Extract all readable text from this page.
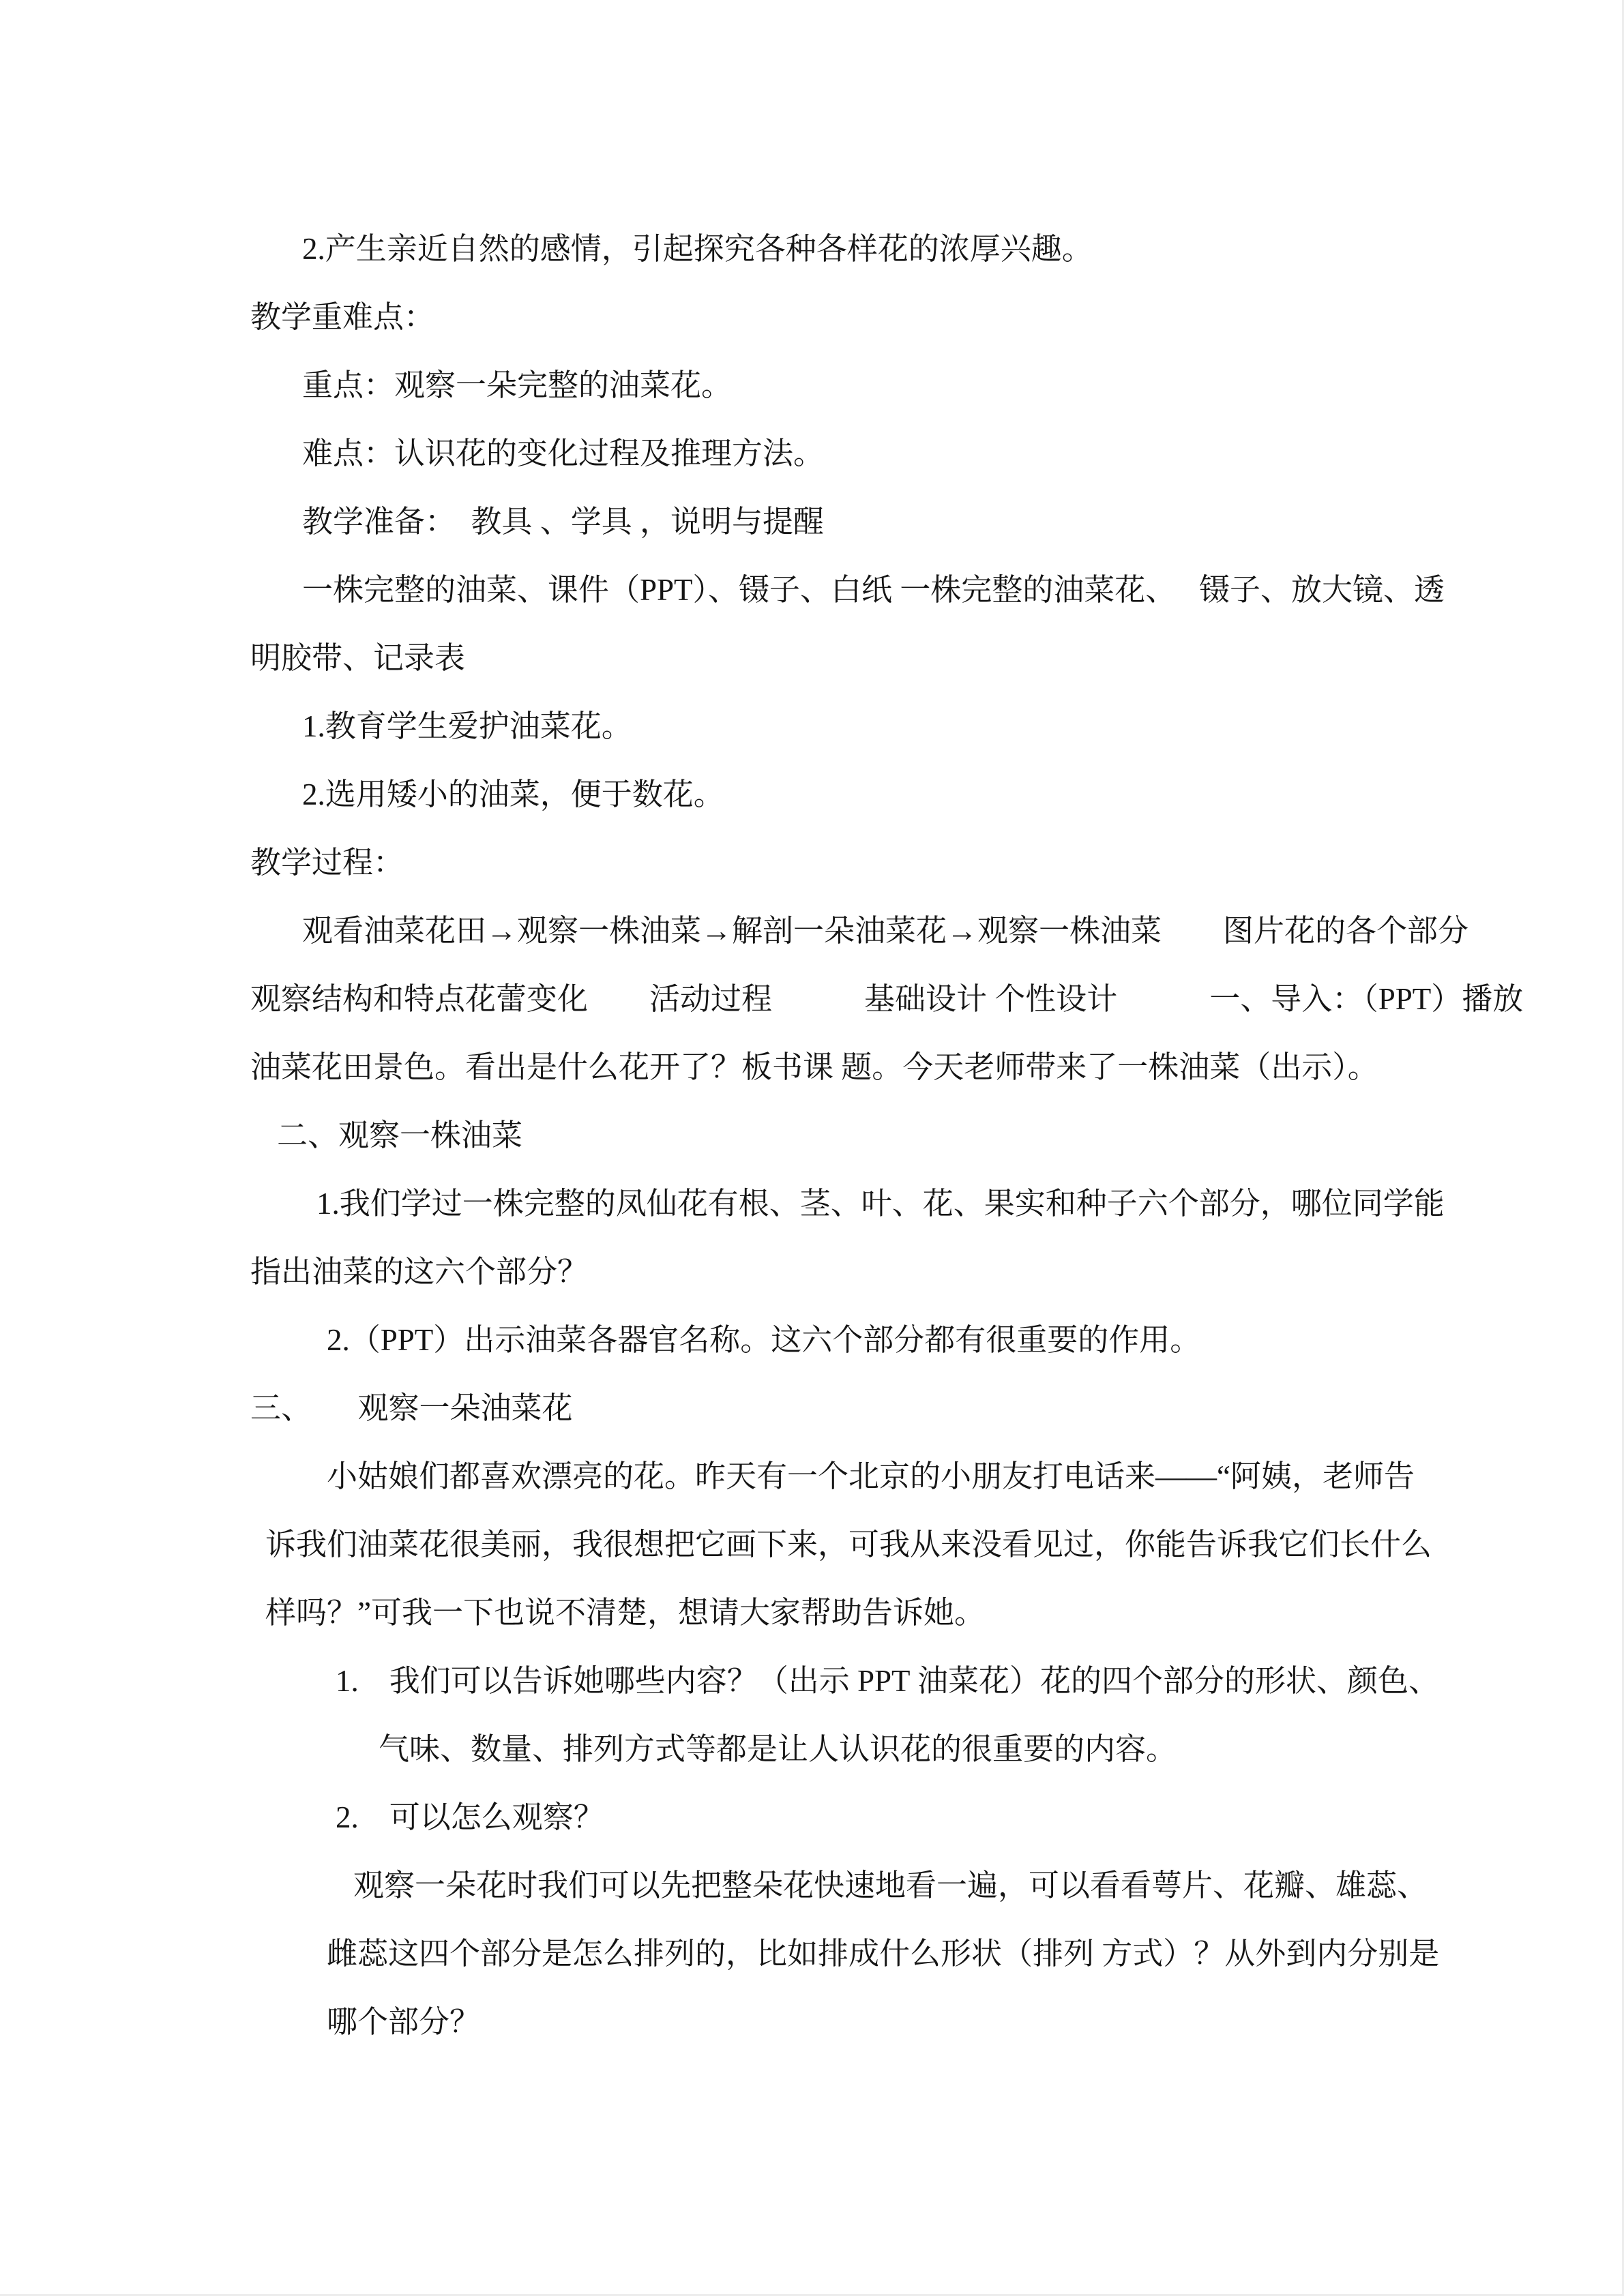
2.产生亲近自然的感情，引起探究各种各样花的浓厚兴趣。
教学重难点：
重点：观察一朵完整的油菜花。
难点：认识花的变化过程及推理方法。
教学准备：　教具 、学具 ，说明与提醒
一株完整的油菜、课件（PPT）、镊子、白纸 一株完整的油菜花、　 镊子、放大镜、透
明胶带、记录表
1.教育学生爱护油菜花。
2.选用矮小的油菜，便于数花。
教学过程：
观看油菜花田→观察一株油菜→解剖一朵油菜花→观察一株油菜　　图片花的各个部分
观察结构和特点花蕾变化　　活动过程　　　基础设计 个性设计　　　一、导入：（PPT）播放
油菜花田景色。看出是什么花开了？板书课 题。今天老师带来了一株油菜（出示）。
二、观察一株油菜
1.我们学过一株完整的凤仙花有根、茎、叶、花、果实和种子六个部分，哪位同学能
指出油菜的这六个部分？
2.（PPT）出示油菜各器官名称。这六个部分都有很重要的作用。
三、　　观察一朵油菜花
小姑娘们都喜欢漂亮的花。昨天有一个北京的小朋友打电话来——“阿姨，老师告
诉我们油菜花很美丽，我很想把它画下来，可我从来没看见过，你能告诉我它们长什么
样吗？”可我一下也说不清楚，想请大家帮助告诉她。
1.　我们可以告诉她哪些内容？（出示 PPT 油菜花）花的四个部分的形状、颜色、
气味、数量、排列方式等都是让人认识花的很重要的内容。
2.　可以怎么观察？
观察一朵花时我们可以先把整朵花快速地看一遍，可以看看萼片、花瓣、雄蕊、
雌蕊这四个部分是怎么排列的，比如排成什么形状（排列 方式）？从外到内分别是
哪个部分？
